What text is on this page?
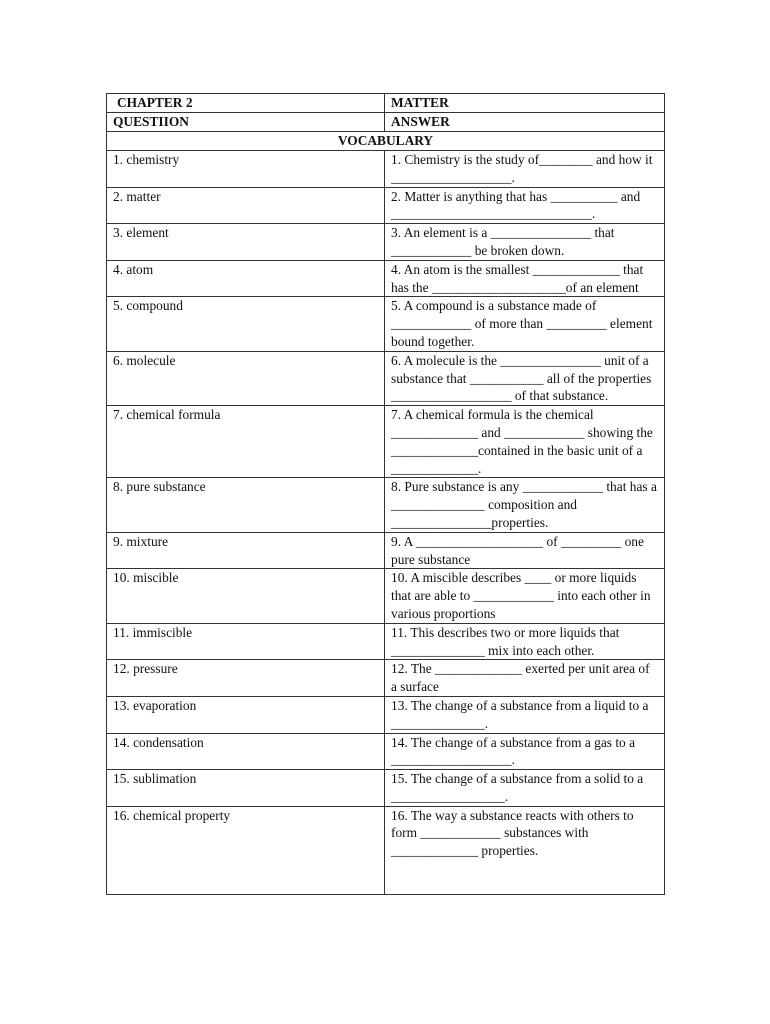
CHAPTER 2	MATTER
QUESTIION	ANSWER
VOCABULARY	
1. chemistry	1. Chemistry is the study of________ and how it __________________.
2. matter	2. Matter is anything that has __________ and ______________________________.
3. element	3. An element is a _______________ that ____________ be broken down.
4. atom	4. An atom is the smallest _____________ that has the ____________________of an element
5. compound	5. A compound is a substance made of ____________ of more than _________ element bound together.
6. molecule	6. A molecule is the _______________ unit of a substance that ___________ all of the properties __________________ of that substance.
7. chemical formula	7. A chemical formula is the chemical _____________ and ____________ showing the _____________contained in the basic unit of a _____________.
8. pure substance	8. Pure substance is any ____________ that has a ______________ composition and _______________properties.
9. mixture	9. A ___________________ of _________ one pure substance
10. miscible	10. A miscible describes ____ or more liquids that are able to ____________ into each other in various proportions
11. immiscible	11. This describes two or more liquids that ______________ mix into each other.
12. pressure	12. The _____________ exerted per unit area of a surface
13. evaporation	13. The change of a substance from a liquid to a ______________.
14. condensation	14. The change of a substance from a gas to a __________________.
15. sublimation	15. The change of a substance from a solid to a _________________.
16. chemical property	16. The way a substance reacts with others to form ____________ substances with _____________ properties.
